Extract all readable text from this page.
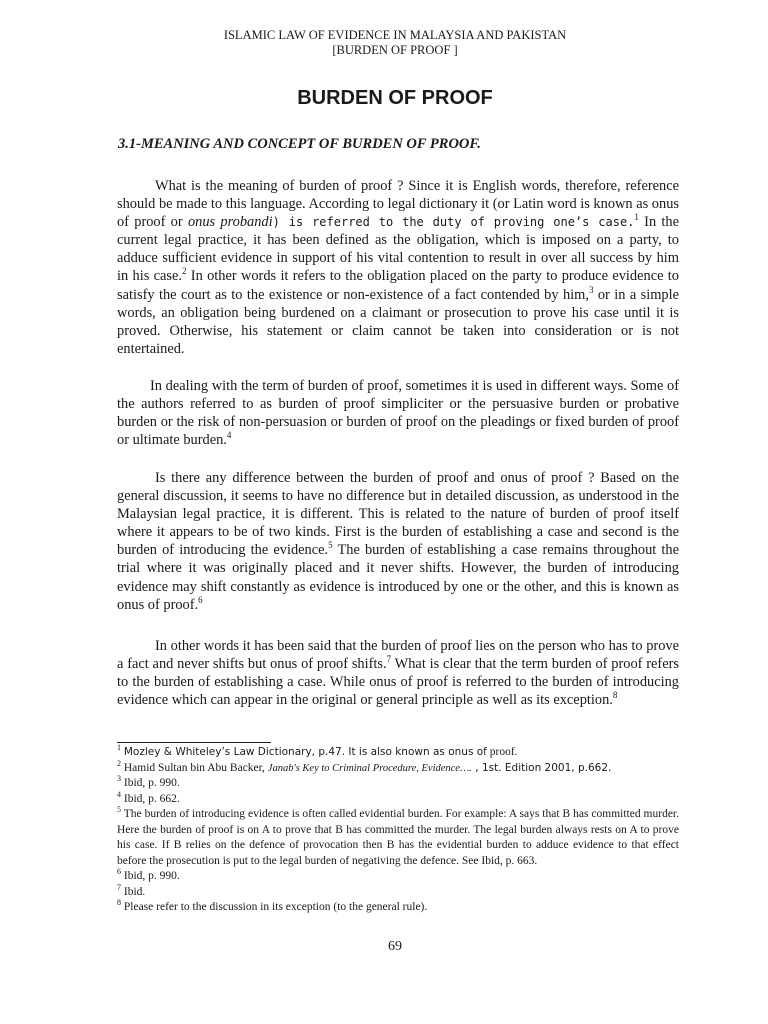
ISLAMIC LAW OF EVIDENCE IN MALAYSIA AND PAKISTAN
[BURDEN OF PROOF ]
BURDEN OF PROOF
3.1-MEANING AND CONCEPT OF BURDEN OF PROOF.

What is the meaning of burden of proof ? Since it is English words, therefore, reference should be made to this language. According to legal dictionary it (or Latin word is known as onus of proof or onus probandi) is referred to the duty of proving one’s case.$^1$ In the current legal practice, it has been defined as the obligation, which is imposed on a party, to adduce sufficient evidence in support of his vital contention to result in over all success by him in his case.$^2$ In other words it refers to the obligation placed on the party to produce evidence to satisfy the court as to the existence or non-existence of a fact contended by him,$^3$ or in a simple words, an obligation being burdened on a claimant or prosecution to prove his case until it is proved. Otherwise, his statement or claim cannot be taken into consideration or is not entertained.

In dealing with the term of burden of proof, sometimes it is used in different ways. Some of the authors referred to as burden of proof simpliciter or the persuasive burden or probative burden or the risk of non-persuasion or burden of proof on the pleadings or fixed burden of proof or ultimate burden.$^4$

Is there any difference between the burden of proof and onus of proof ? Based on the general discussion, it seems to have no difference but in detailed discussion, as understood in the Malaysian legal practice, it is different. This is related to the nature of burden of proof itself where it appears to be of two kinds. First is the burden of establishing a case and second is the burden of introducing the evidence.$^5$ The burden of establishing a case remains throughout the trial where it was originally placed and it never shifts. However, the burden of introducing evidence may shift constantly as evidence is introduced by one or the other, and this is known as onus of proof.$^6$

In other words it has been said that the burden of proof lies on the person who has to prove a fact and never shifts but onus of proof shifts.$^7$ What is clear that the term burden of proof refers to the burden of establishing a case. While onus of proof is referred to the burden of introducing evidence which can appear in the original or general principle as well as its exception.$^8$

$^1$ Mozley & Whiteley’s Law Dictionary, p.47. It is also known as onus of proof.

$^2$ Hamid Sultan bin Abu Backer, Janab's Key to Criminal Procedure, Evidence…. , 1st. Edition 2001, p.662.

$^3$ Ibid, p. 990.

$^4$ Ibid, p. 662.

$^5$ The burden of introducing evidence is often called evidential burden. For example: A says that B has committed murder. Here the burden of proof is on A to prove that B has committed the murder. The legal burden always rests on A to prove his case. If B relies on the defence of provocation then B has the evidential burden to adduce evidence to that effect before the prosecution is put to the legal burden of negativing the defence. See Ibid, p. 663.

$^6$ Ibid, p. 990.

$^7$ Ibid.

$^8$ Please refer to the discussion in its exception (to the general rule).

69
